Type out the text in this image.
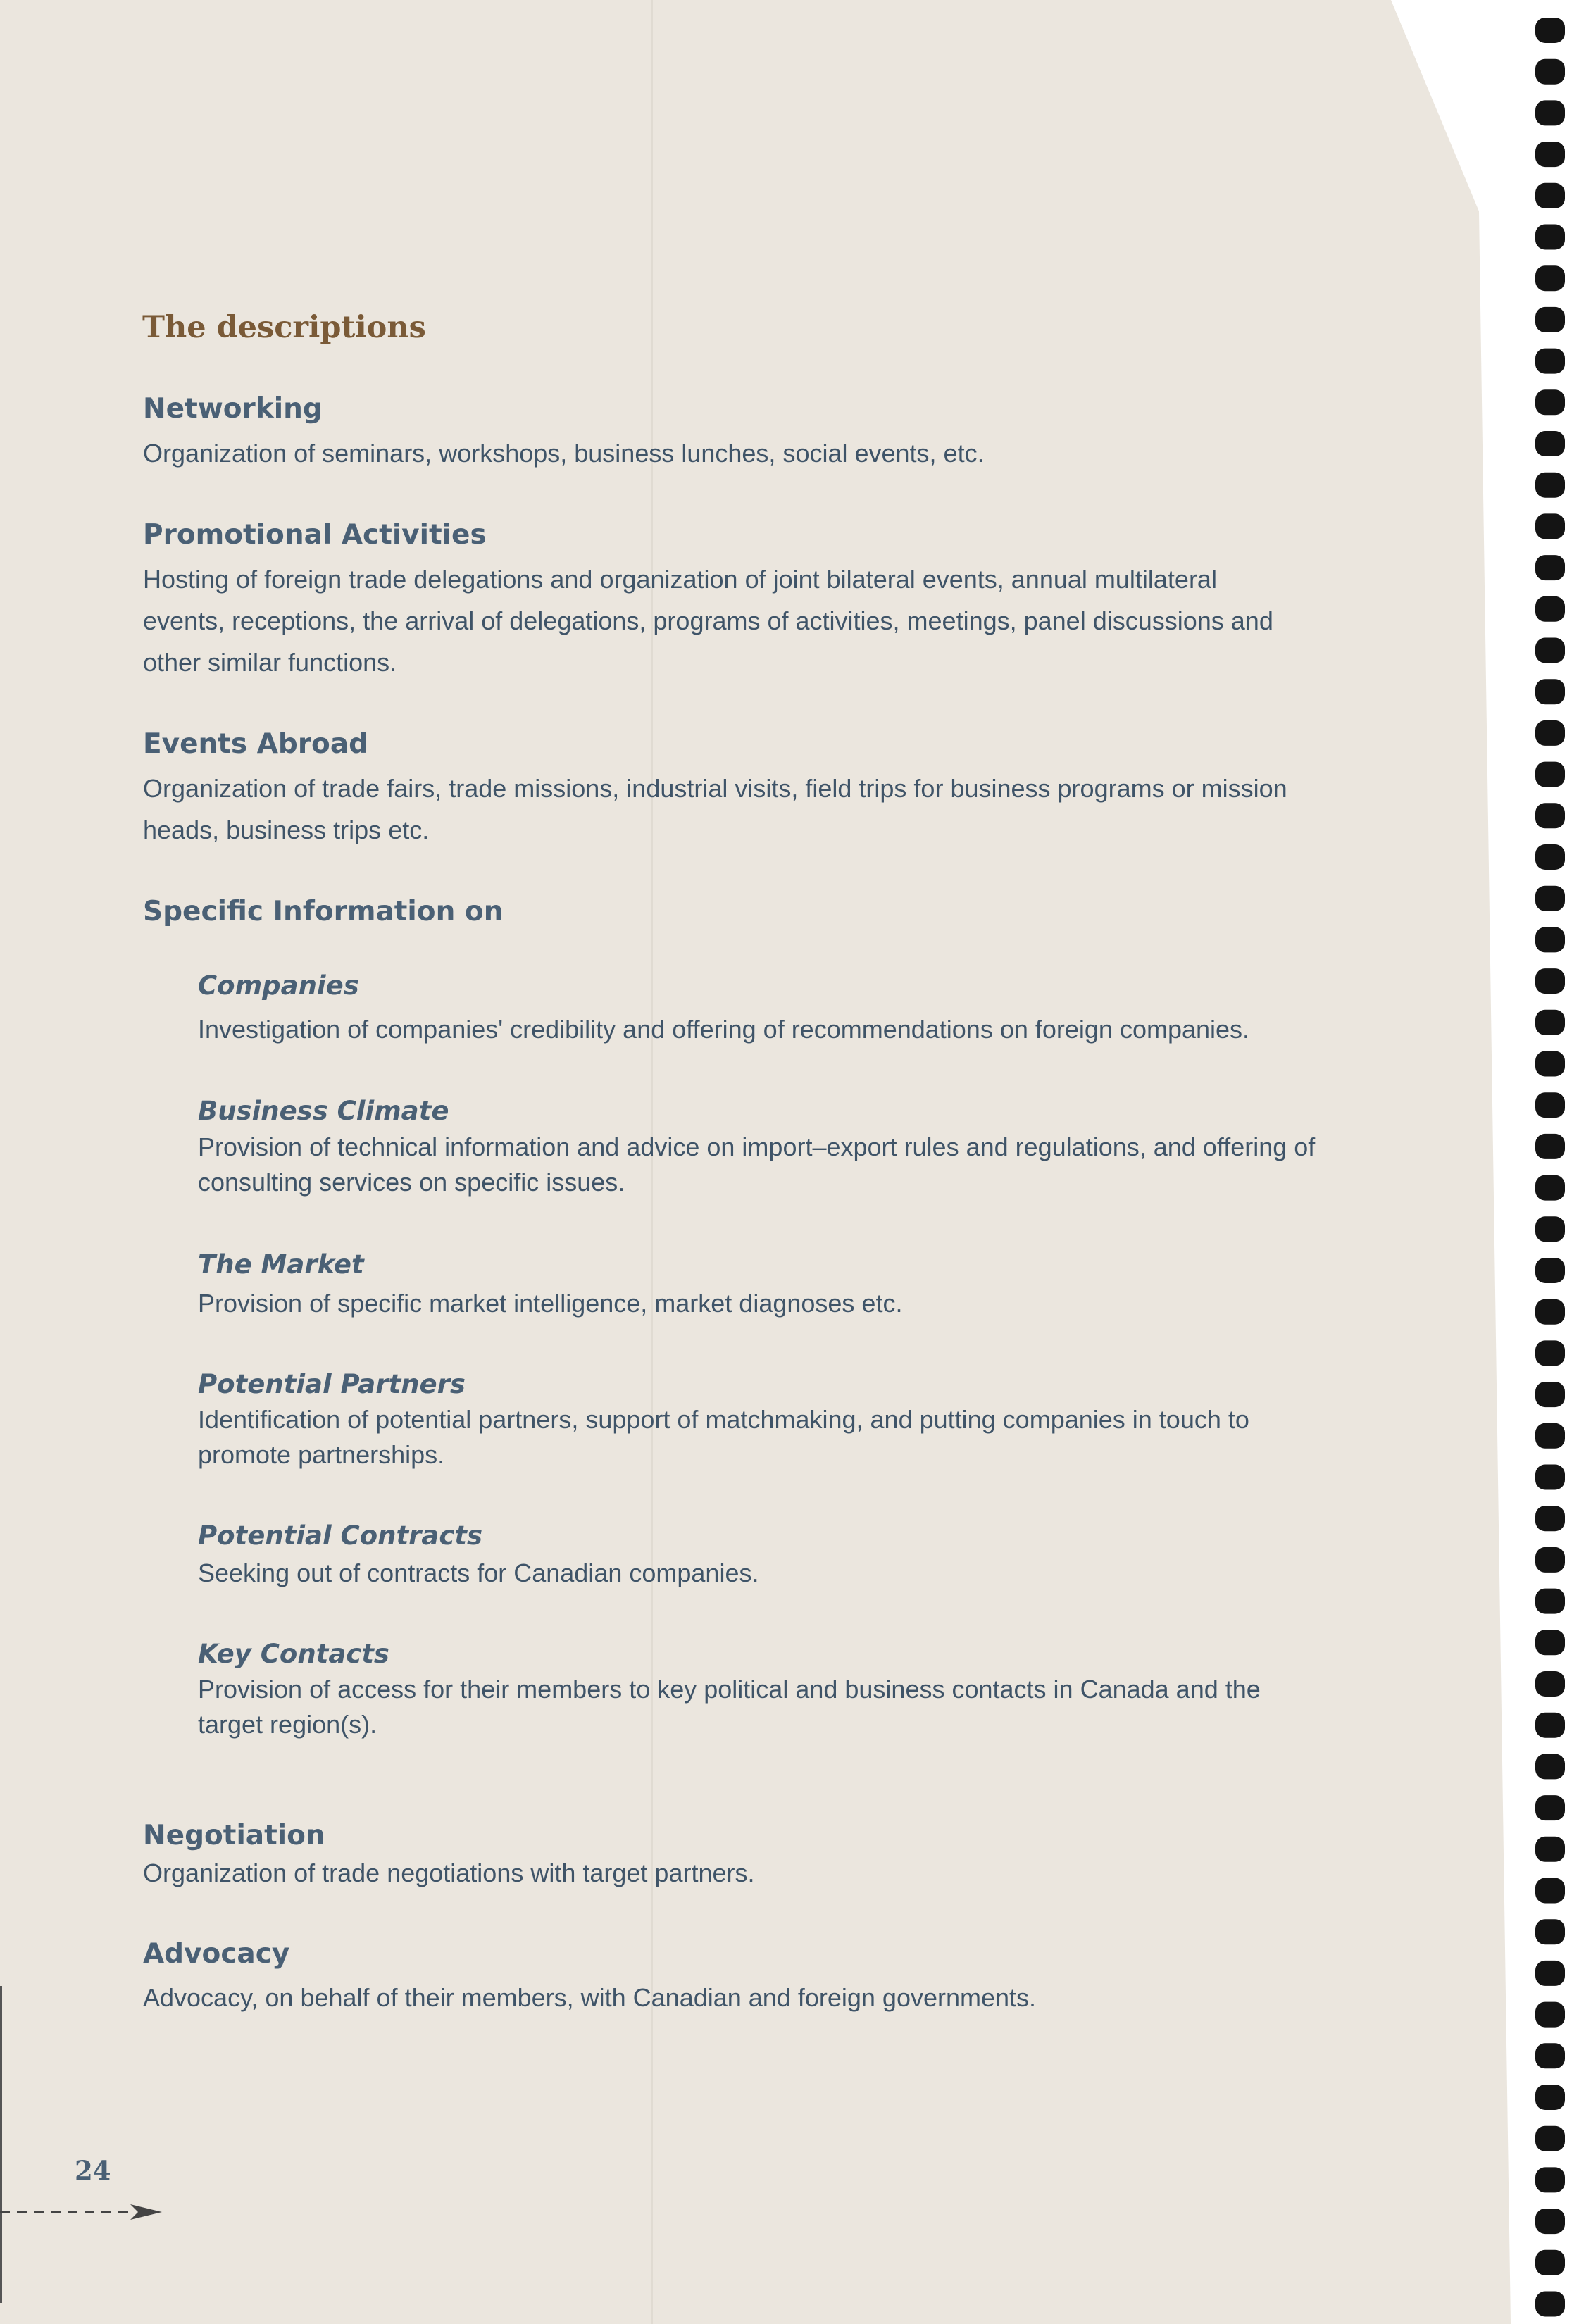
The descriptions
Networking

Organization of seminars, workshops, business lunches, social events, etc.

Promotional Activities

Hosting of foreign trade delegations and organization of joint bilateral events, annual multilateral
events, receptions, the arrival of delegations, programs of activities, meetings, panel discussions and
other similar functions.

Events Abroad

Organization of trade fairs, trade missions, industrial visits, field trips for business programs or mission
heads, business trips etc.

Specific Information on
Companies

Investigation of companies' credibility and offering of recommendations on foreign companies.

Business Climate

Provision of technical information and advice on import–export rules and regulations, and offering of
consulting services on specific issues.

The Market

Provision of specific market intelligence, market diagnoses etc.

Potential Partners

Identification of potential partners, support of matchmaking, and putting companies in touch to
promote partnerships.

Potential Contracts

Seeking out of contracts for Canadian companies.

Key Contacts

Provision of access for their members to key political and business contacts in Canada and the
target region(s).

Negotiation

Organization of trade negotiations with target partners.

Advocacy

Advocacy, on behalf of their members, with Canadian and foreign governments.

24
